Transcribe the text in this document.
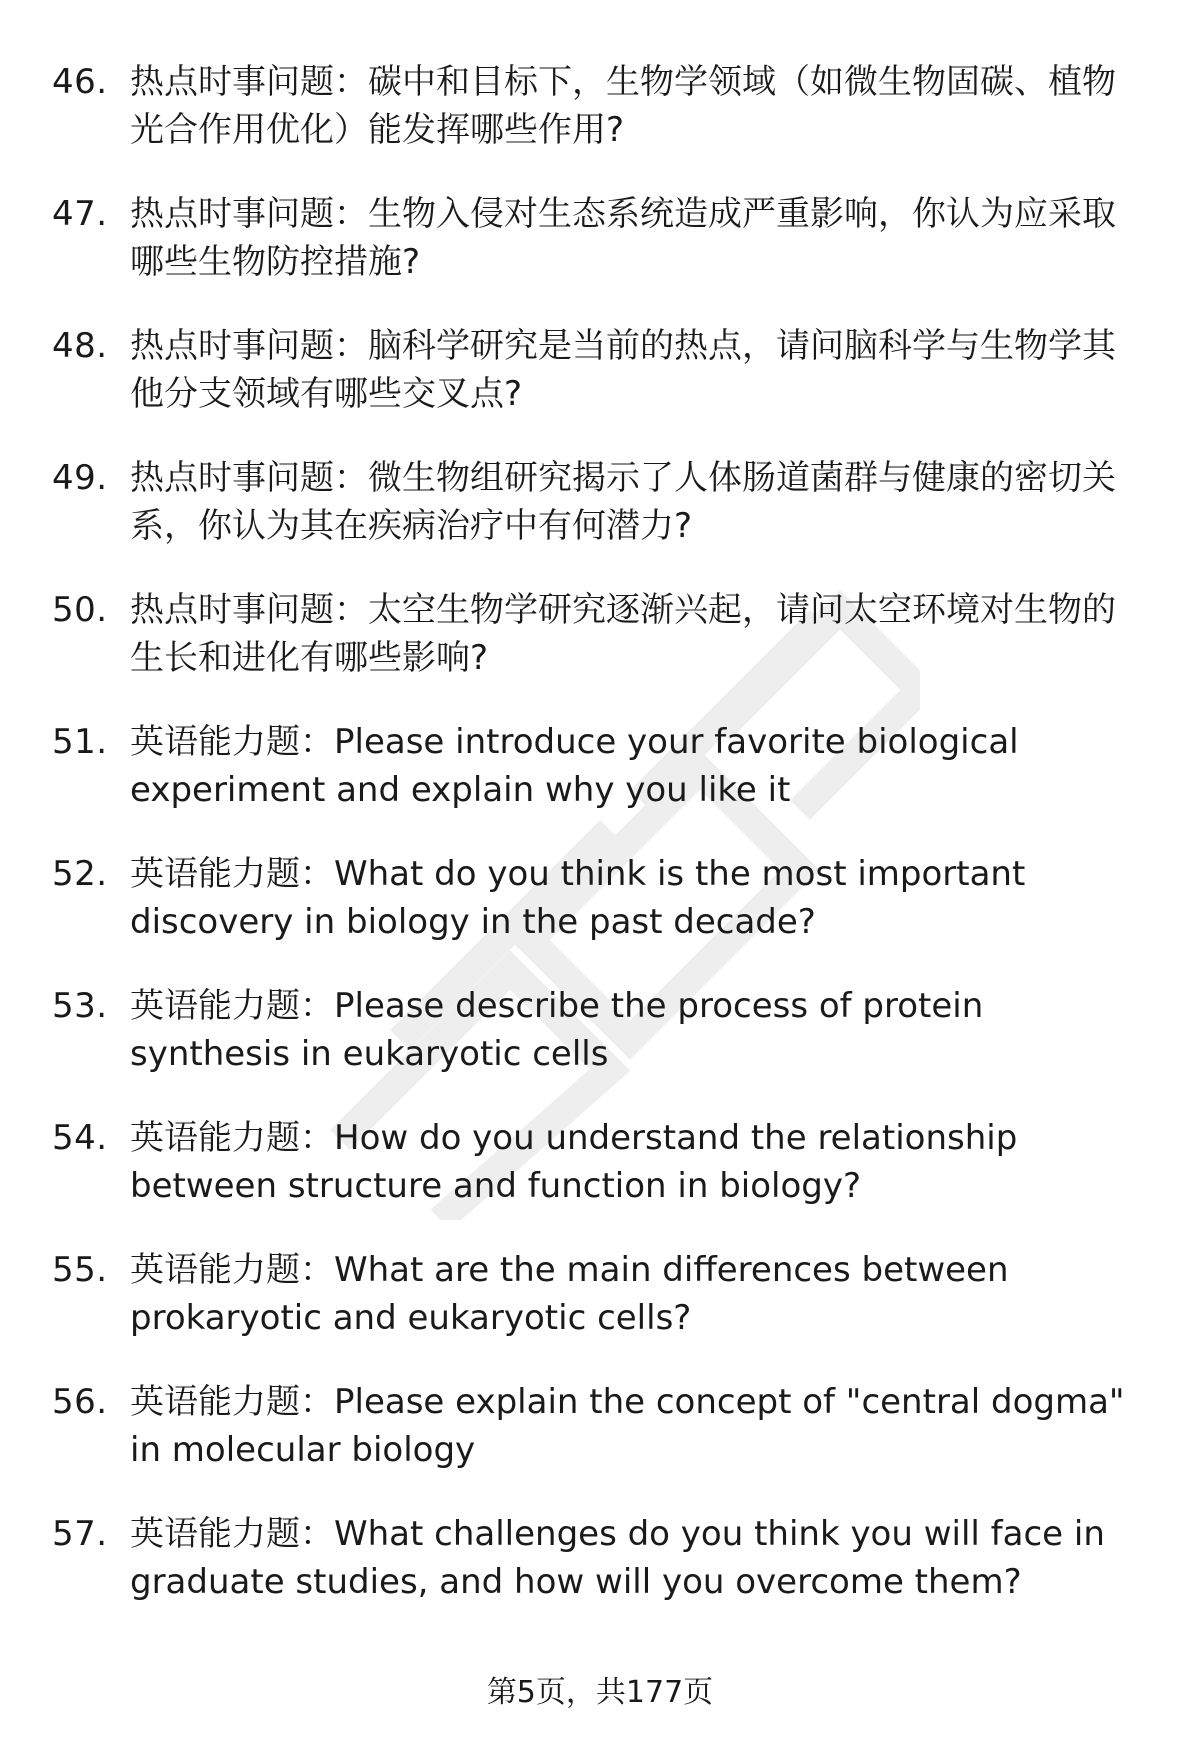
46. 热点时事问题：碳中和目标下，生物学领域（如微生物固碳、植物光合作用优化）能发挥哪些作用?
47. 热点时事问题：生物入侵对生态系统造成严重影响，你认为应采取哪些生物防控措施?
48. 热点时事问题：脑科学研究是当前的热点，请问脑科学与生物学其他分支领域有哪些交叉点?
49. 热点时事问题：微生物组研究揭示了人体肠道菌群与健康的密切关系，你认为其在疾病治疗中有何潜力?
50. 热点时事问题：太空生物学研究逐渐兴起，请问太空环境对生物的生长和进化有哪些影响?
51. 英语能力题：Please introduce your favorite biological experiment and explain why you like it
52. 英语能力题：What do you think is the most important discovery in biology in the past decade?
53. 英语能力题：Please describe the process of protein synthesis in eukaryotic cells
54. 英语能力题：How do you understand the relationship between structure and function in biology?
55. 英语能力题：What are the main differences between prokaryotic and eukaryotic cells?
56. 英语能力题：Please explain the concept of "central dogma" in molecular biology
57. 英语能力题：What challenges do you think you will face in graduate studies, and how will you overcome them?
第5页，共177页
